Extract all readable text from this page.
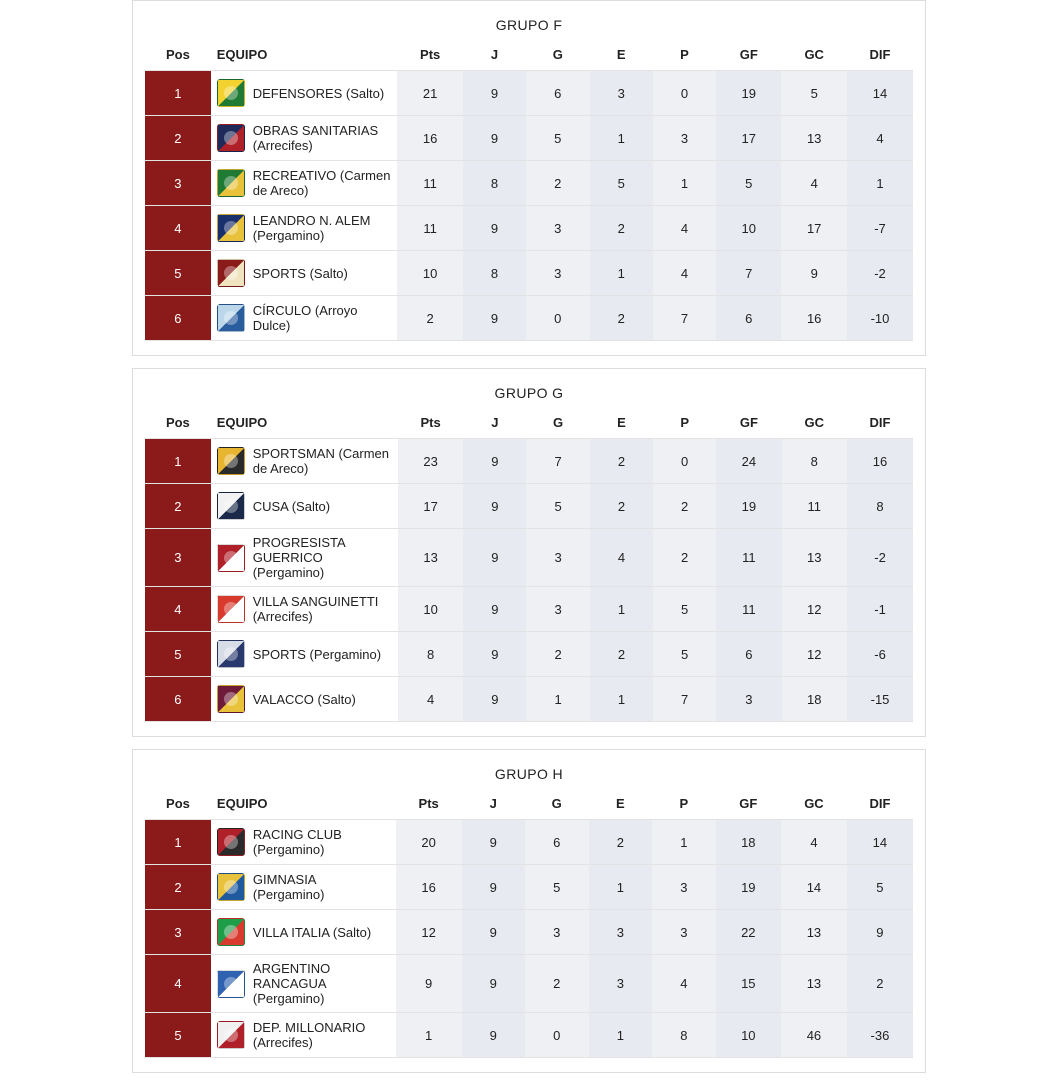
GRUPO F
Pos	EQUIPO	Pts	J	G	E	P	GF	GC	DIF
1	DEFENSORES (Salto)	21	9	6	3	0	19	5	14
2	OBRAS SANITARIAS (Arrecifes)	16	9	5	1	3	17	13	4
3	RECREATIVO (Carmen de Areco)	11	8	2	5	1	5	4	1
4	LEANDRO N. ALEM (Pergamino)	11	9	3	2	4	10	17	-7
5	SPORTS (Salto)	10	8	3	1	4	7	9	-2
6	CÍRCULO (Arroyo Dulce)	2	9	0	2	7	6	16	-10
GRUPO G
Pos	EQUIPO	Pts	J	G	E	P	GF	GC	DIF
1	SPORTSMAN (Carmen de Areco)	23	9	7	2	0	24	8	16
2	CUSA (Salto)	17	9	5	2	2	19	11	8
3	PROGRESISTA GUERRICO (Pergamino)	13	9	3	4	2	11	13	-2
4	VILLA SANGUINETTI (Arrecifes)	10	9	3	1	5	11	12	-1
5	SPORTS (Pergamino)	8	9	2	2	5	6	12	-6
6	VALACCO (Salto)	4	9	1	1	7	3	18	-15
GRUPO H
Pos	EQUIPO	Pts	J	G	E	P	GF	GC	DIF
1	RACING CLUB (Pergamino)	20	9	6	2	1	18	4	14
2	GIMNASIA (Pergamino)	16	9	5	1	3	19	14	5
3	VILLA ITALIA (Salto)	12	9	3	3	3	22	13	9
4	ARGENTINO RANCAGUA (Pergamino)	9	9	2	3	4	15	13	2
5	DEP. MILLONARIO (Arrecifes)	1	9	0	1	8	10	46	-36
